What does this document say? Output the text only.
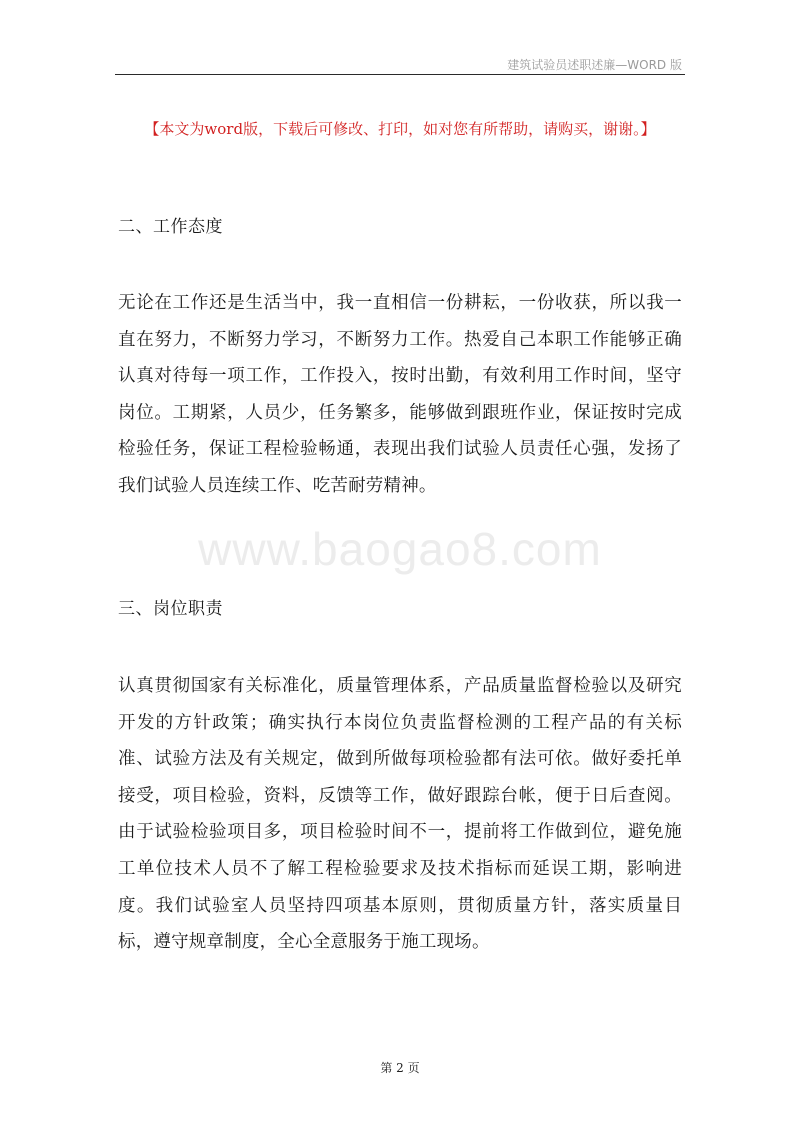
建筑试验员述职述廉—WORD 版
【本文为word版，下载后可修改、打印，如对您有所帮助，请购买，谢谢。】
二、工作态度
无论在工作还是生活当中，我一直相信一份耕耘，一份收获，所以我一直在努力，不断努力学习，不断努力工作。热爱自己本职工作能够正确认真对待每一项工作，工作投入，按时出勤，有效利用工作时间，坚守岗位。工期紧，人员少，任务繁多，能够做到跟班作业，保证按时完成检验任务，保证工程检验畅通，表现出我们试验人员责任心强，发扬了我们试验人员连续工作、吃苦耐劳精神。
www.baogao8.com
三、岗位职责
认真贯彻国家有关标准化，质量管理体系，产品质量监督检验以及研究开发的方针政策；确实执行本岗位负责监督检测的工程产品的有关标准、试验方法及有关规定，做到所做每项检验都有法可依。做好委托单接受，项目检验，资料，反馈等工作，做好跟踪台帐，便于日后查阅。由于试验检验项目多，项目检验时间不一，提前将工作做到位，避免施工单位技术人员不了解工程检验要求及技术指标而延误工期，影响进度。我们试验室人员坚持四项基本原则，贯彻质量方针，落实质量目标，遵守规章制度，全心全意服务于施工现场。
第 2 页
